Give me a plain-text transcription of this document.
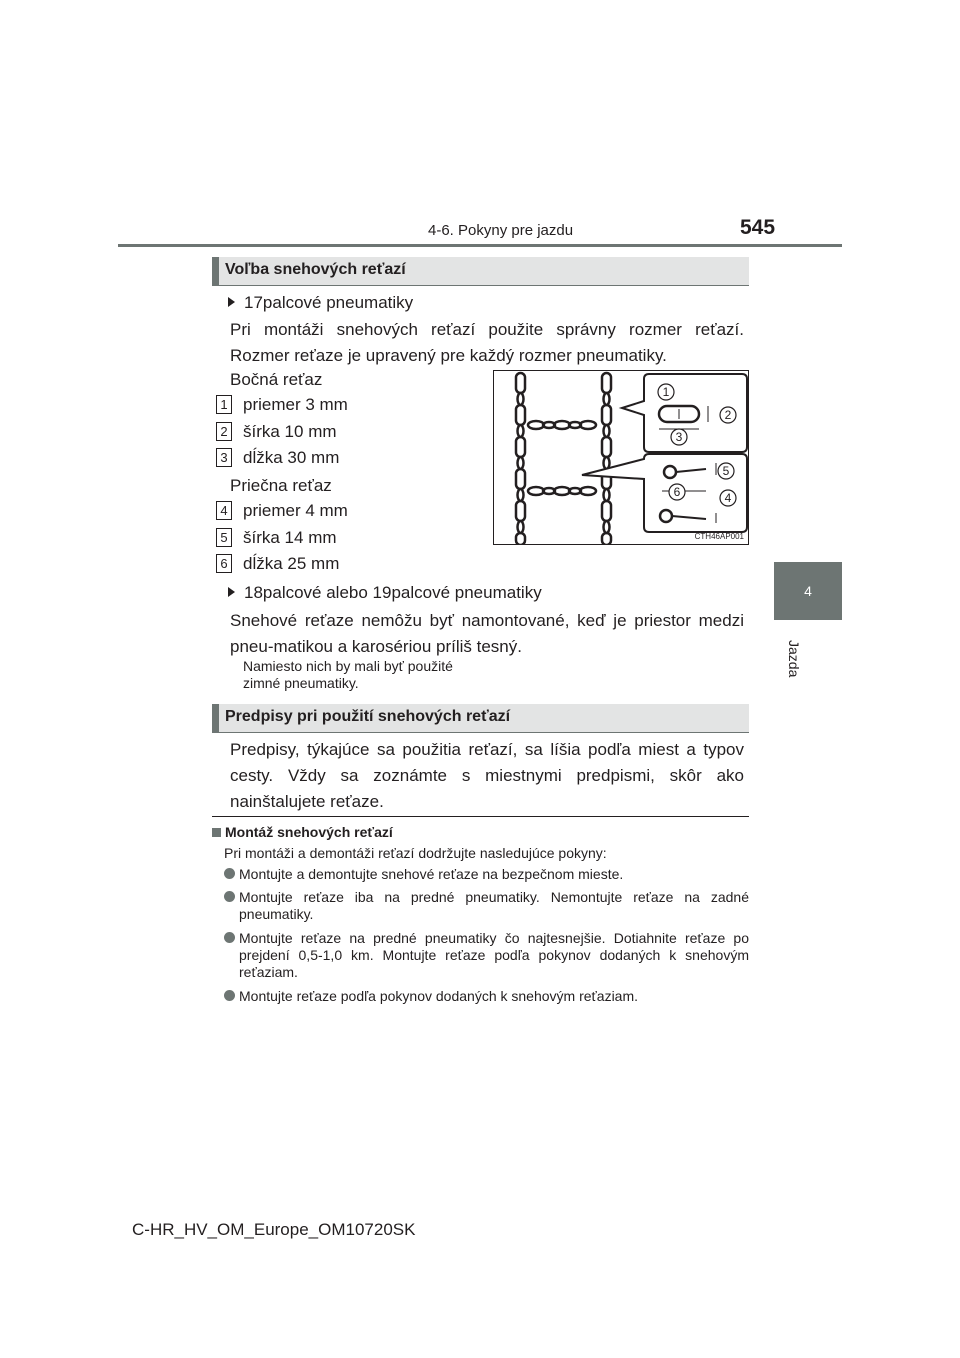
4-6. Pokyny pre jazdu	545
4
Jazda
Voľba snehových reťazí
17palcové pneumatiky
Pri montáži snehových reťazí použite správny rozmer reťazí. Rozmer reťaze je upravený pre každý rozmer pneumatiky.
Bočná reťaz
1 priemer 3 mm
2 šírka 10 mm
3 dĺžka 30 mm
Priečna reťaz
4 priemer 4 mm
5 šírka 14 mm
6 dĺžka 25 mm
1
2
3
4
5
6
CTH46AP001
18palcové alebo 19palcové pneumatiky
Snehové reťaze nemôžu byť namontované, keď je priestor medzi pneu-matikou a karosériou príliš tesný.
Namiesto nich by mali byť použité
zimné pneumatiky.
Predpisy pri použití snehových reťazí
Predpisy, týkajúce sa použitia reťazí, sa líšia podľa miest a typov cesty. Vždy sa zoznámte s miestnymi predpismi, skôr ako nainštalujete reťaze.
Montáž snehových reťazí
Pri montáži a demontáži reťazí dodržujte nasledujúce pokyny:
Montujte a demontujte snehové reťaze na bezpečnom mieste.
Montujte reťaze iba na predné pneumatiky. Nemontujte reťaze na zadné pneumatiky.
Montujte reťaze na predné pneumatiky čo najtesnejšie. Dotiahnite reťaze po prejdení 0,5-1,0 km. Montujte reťaze podľa pokynov dodaných k snehovým reťaziam.
Montujte reťaze podľa pokynov dodaných k snehovým reťaziam.
C-HR_HV_OM_Europe_OM10720SK
